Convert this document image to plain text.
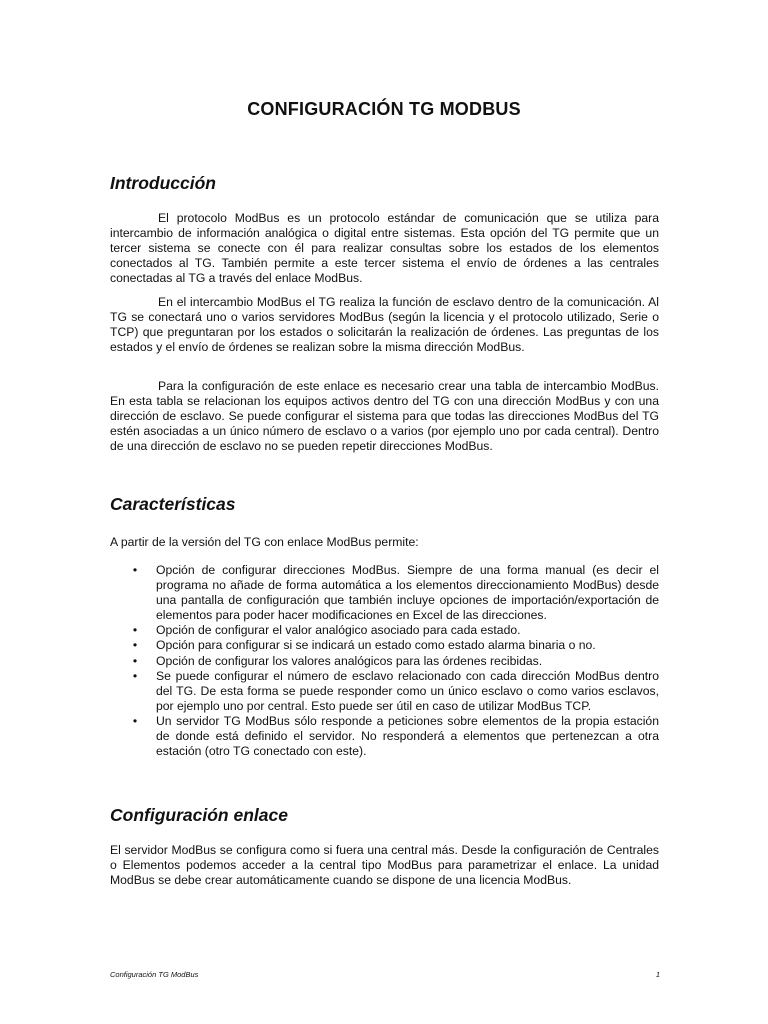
CONFIGURACIÓN TG MODBUS
Introducción

El protocolo ModBus es un protocolo estándar de comunicación que se utiliza para intercambio de información analógica o digital entre sistemas. Esta opción del TG permite que un tercer sistema se conecte con él para realizar consultas sobre los estados de los elementos conectados al TG. También permite a este tercer sistema el envío de órdenes a las centrales conectadas al TG a través del enlace ModBus.

En el intercambio ModBus el TG realiza la función de esclavo dentro de la comunicación. Al TG se conectará uno o varios servidores ModBus (según la licencia y el protocolo utilizado, Serie o TCP) que preguntaran por los estados o solicitarán la realización de órdenes. Las preguntas de los estados y el envío de órdenes se realizan sobre la misma dirección ModBus.

Para la configuración de este enlace es necesario crear una tabla de intercambio ModBus. En esta tabla se relacionan los equipos activos dentro del TG con una dirección ModBus y con una dirección de esclavo. Se puede configurar el sistema para que todas las direcciones ModBus del TG estén asociadas a un único número de esclavo o a varios (por ejemplo uno por cada central). Dentro de una dirección de esclavo no se pueden repetir direcciones ModBus.

Características

A partir de la versión del TG con enlace ModBus permite:

• Opción de configurar direcciones ModBus. Siempre de una forma manual (es decir el programa no añade de forma automática a los elementos direccionamiento ModBus) desde una pantalla de configuración que también incluye opciones de importación/exportación de elementos para poder hacer modificaciones en Excel de las direcciones.
• Opción de configurar el valor analógico asociado para cada estado.
• Opción para configurar si se indicará un estado como estado alarma binaria o no.
• Opción de configurar los valores analógicos para las órdenes recibidas.
• Se puede configurar el número de esclavo relacionado con cada dirección ModBus dentro del TG. De esta forma se puede responder como un único esclavo o como varios esclavos, por ejemplo uno por central. Esto puede ser útil en caso de utilizar ModBus TCP.
• Un servidor TG ModBus sólo responde a peticiones sobre elementos de la propia estación de donde está definido el servidor. No responderá a elementos que pertenezcan a otra estación (otro TG conectado con este).
Configuración enlace

El servidor ModBus se configura como si fuera una central más. Desde la configuración de Centrales o Elementos podemos acceder a la central tipo ModBus para parametrizar el enlace. La unidad ModBus se debe crear automáticamente cuando se dispone de una licencia ModBus.

Configuración TG ModBus	1
